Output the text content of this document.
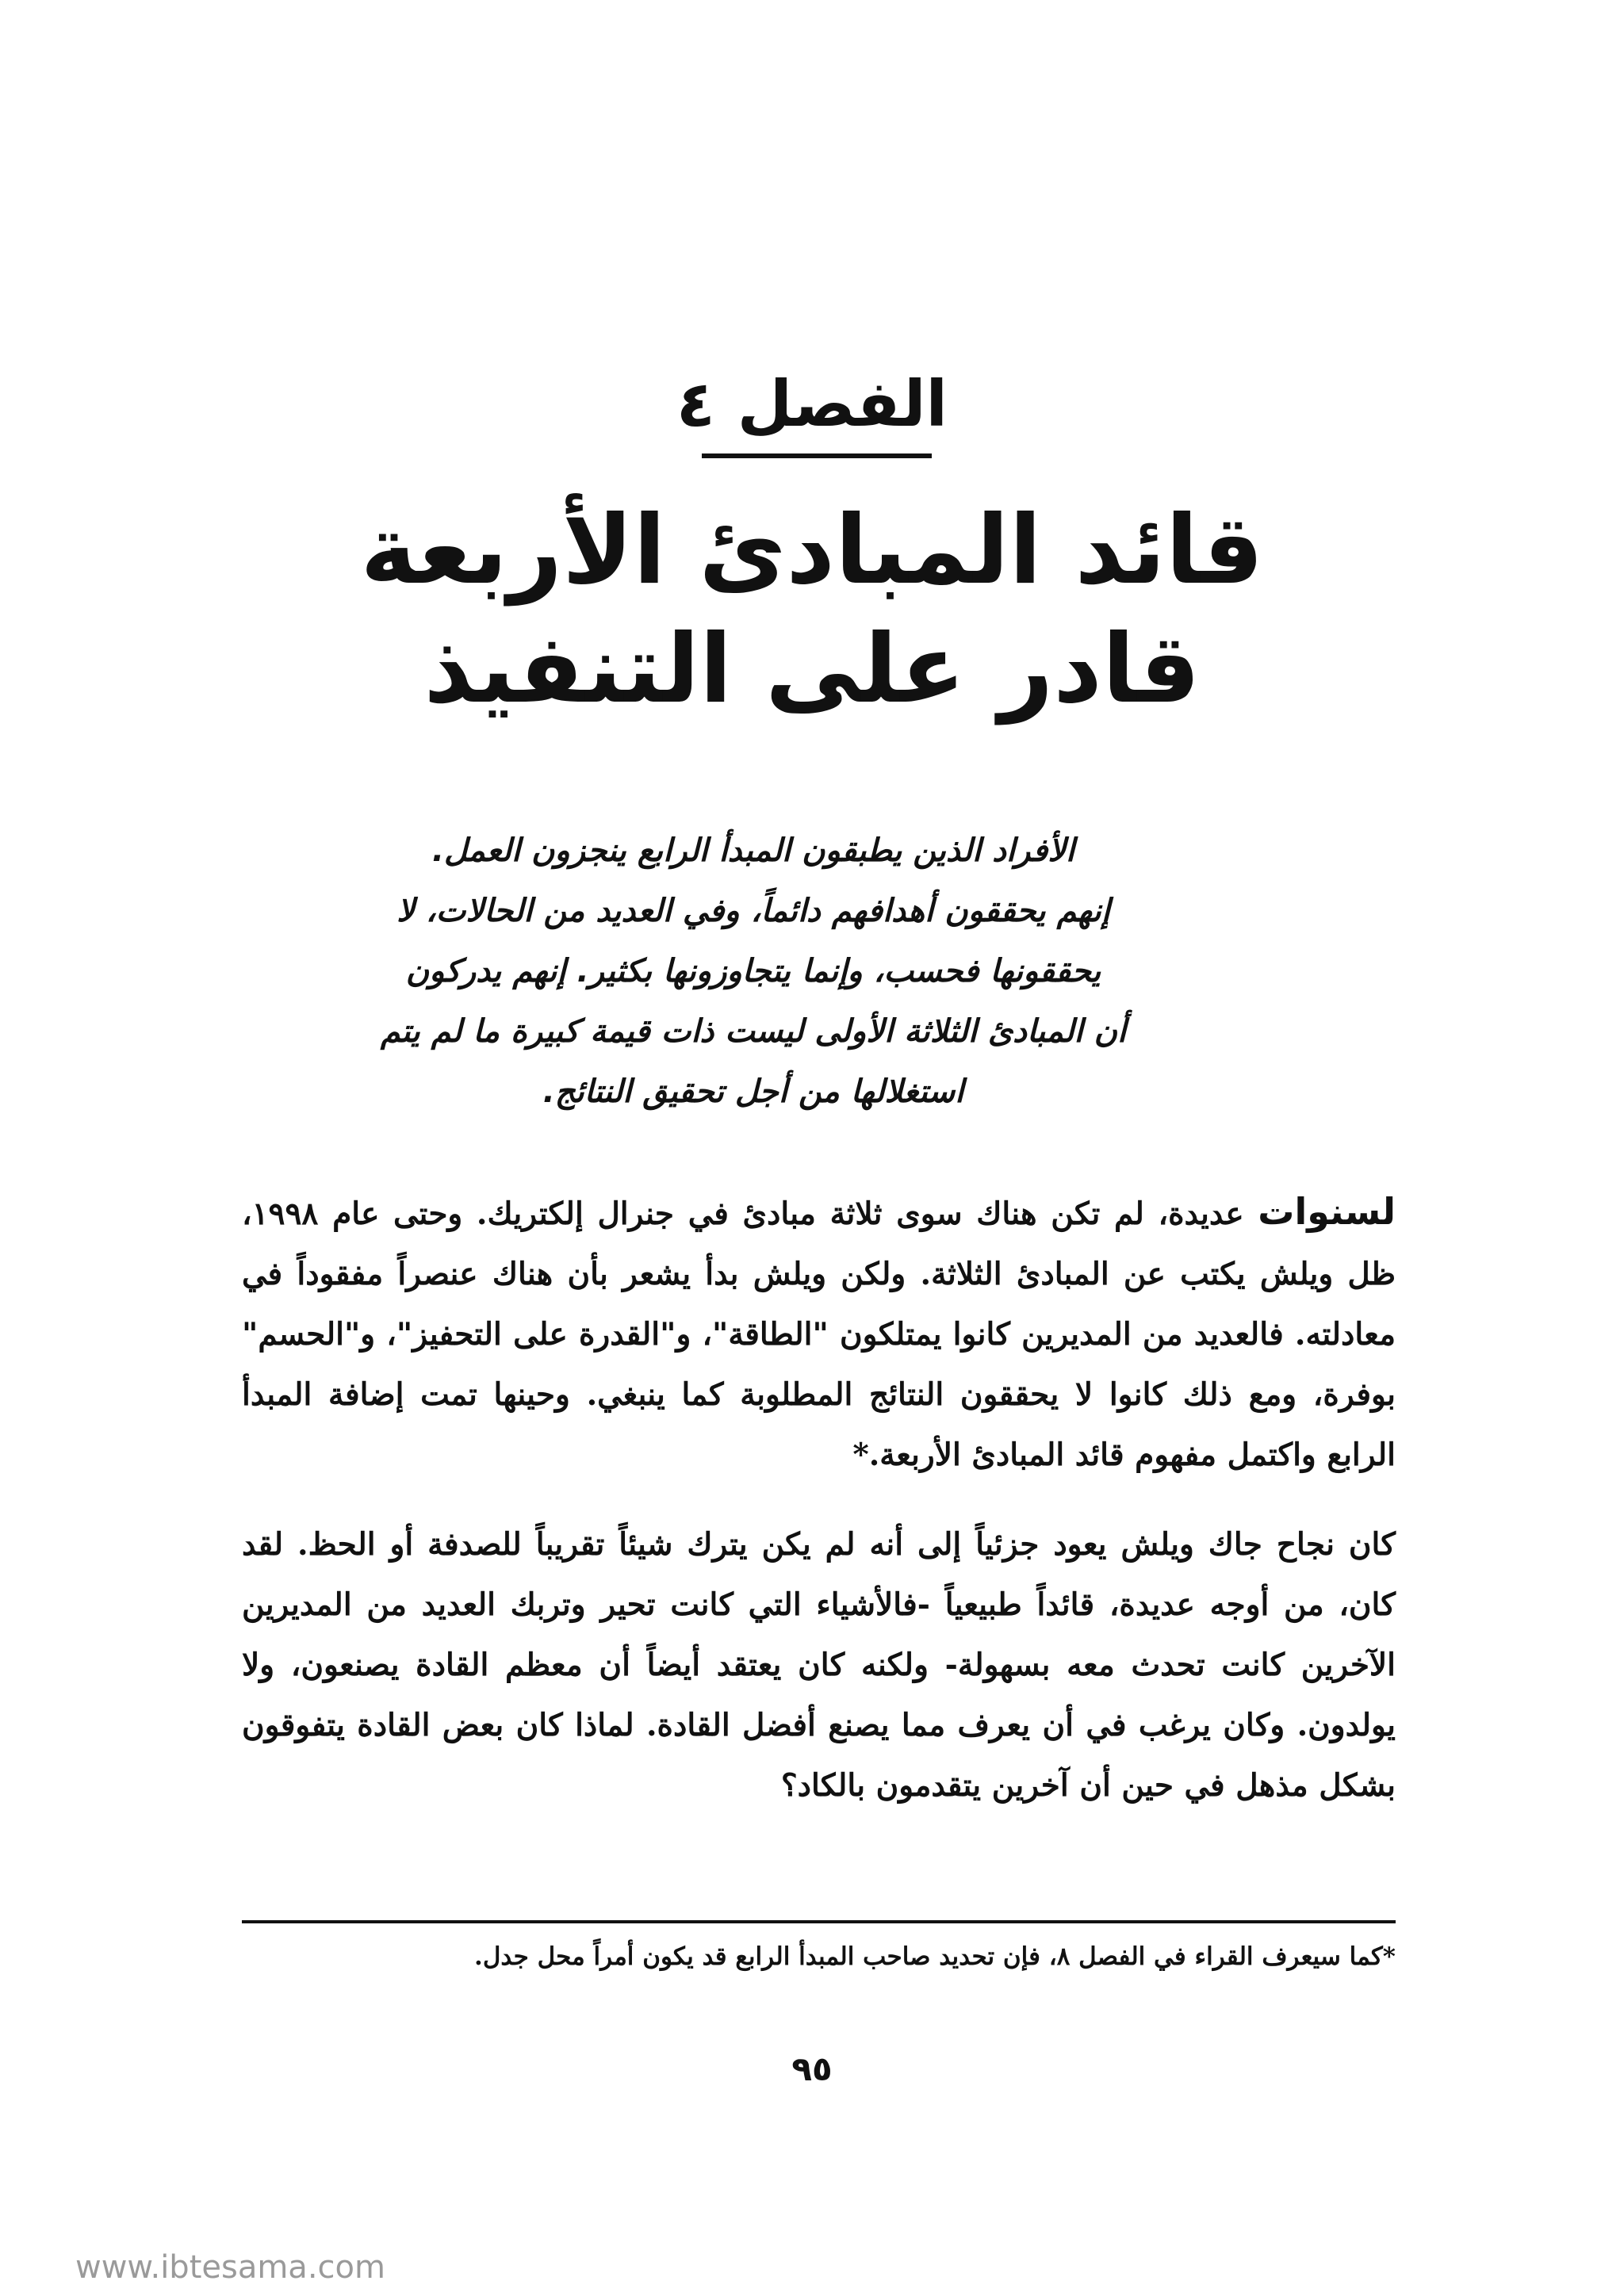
الفصل ٤
قائد المبادئ الأربعة
قادر على التنفيذ
الأفراد الذين يطبقون المبدأ الرابع ينجزون العمل.
إنهم يحققون أهدافهم دائماً، وفي العديد من الحالات، لا
يحققونها فحسب، وإنما يتجاوزونها بكثير. إنهم يدركون
أن المبادئ الثلاثة الأولى ليست ذات قيمة كبيرة ما لم يتم
استغلالها من أجل تحقيق النتائج.

لسنوات عديدة، لم تكن هناك سوى ثلاثة مبادئ في جنرال إلكتريك. وحتى عام ١٩٩٨، ظل ويلش يكتب عن المبادئ الثلاثة. ولكن ويلش بدأ يشعر بأن هناك عنصراً مفقوداً في معادلته. فالعديد من المديرين كانوا يمتلكون "الطاقة"، و"القدرة على التحفيز"، و"الحسم" بوفرة، ومع ذلك كانوا لا يحققون النتائج المطلوبة كما ينبغي. وحينها تمت إضافة المبدأ الرابع واكتمل مفهوم قائد المبادئ الأربعة.*

كان نجاح جاك ويلش يعود جزئياً إلى أنه لم يكن يترك شيئاً تقريباً للصدفة أو الحظ. لقد كان، من أوجه عديدة، قائداً طبيعياً -فالأشياء التي كانت تحير وتربك العديد من المديرين الآخرين كانت تحدث معه بسهولة- ولكنه كان يعتقد أيضاً أن معظم القادة يصنعون، ولا يولدون. وكان يرغب في أن يعرف مما يصنع أفضل القادة. لماذا كان بعض القادة يتفوقون بشكل مذهل في حين أن آخرين يتقدمون بالكاد؟

*كما سيعرف القراء في الفصل ٨، فإن تحديد صاحب المبدأ الرابع قد يكون أمراً محل جدل.
٩٥
www.ibtesama.com
